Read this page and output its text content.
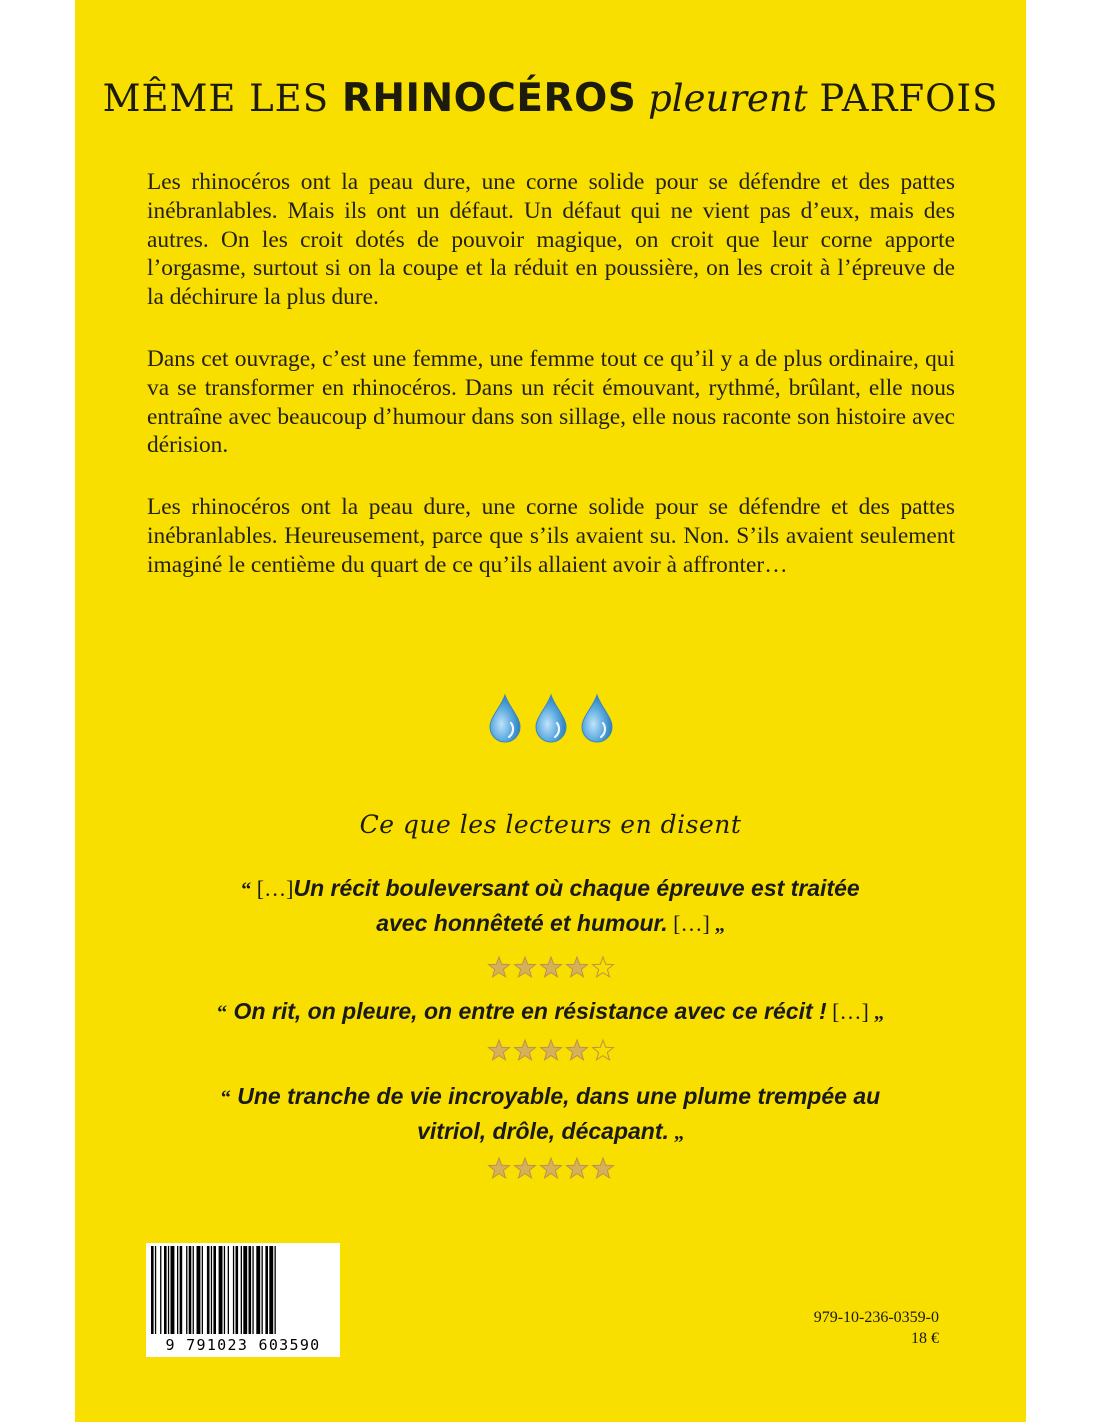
MÊME LES RHINOCÉROS pleurent PARFOIS

Les rhinocéros ont la peau dure, une corne solide pour se défendre et des pattes inébranlables. Mais ils ont un défaut. Un défaut qui ne vient pas d’eux, mais des autres. On les croit dotés de pouvoir magique, on croit que leur corne apporte l’orgasme, surtout si on la coupe et la réduit en poussière, on les croit à l’épreuve de la déchirure la plus dure.

Dans cet ouvrage, c’est une femme, une femme tout ce qu’il y a de plus ordinaire, qui va se transformer en rhinocéros. Dans un récit émouvant, rythmé, brûlant, elle nous entraîne avec beaucoup d’humour dans son sillage, elle nous raconte son histoire avec dérision.

Les rhinocéros ont la peau dure, une corne solide pour se défendre et des pattes inébranlables. Heureusement, parce que s’ils avaient su. Non. S’ils avaient seulement imaginé le centième du quart de ce qu’ils allaient avoir à affronter…

Ce que les lecteurs en disent
“ […]Un récit bouleversant où chaque épreuve est traitée
avec honnêteté et humour. […] „
“ On rit, on pleure, on entre en résistance avec ce récit ! […] „
“ Une tranche de vie incroyable, dans une plume trempée au
vitriol, drôle, décapant. „
9 791023 603590
979-10-236-0359-0
18 €
